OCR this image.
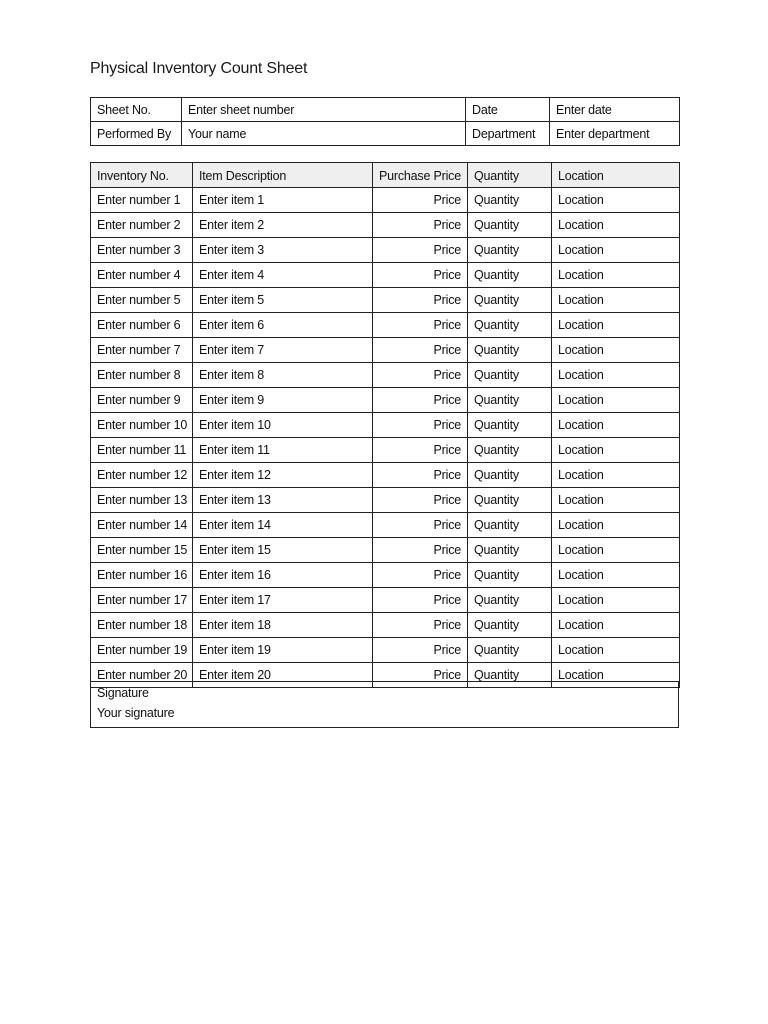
Physical Inventory Count Sheet
Sheet No.	Enter sheet number	Date	Enter date
Performed By	Your name	Department	Enter department
Inventory No.	Item Description	Purchase Price	Quantity	Location
Enter number 1	Enter item 1	Price	Quantity	Location
Enter number 2	Enter item 2	Price	Quantity	Location
Enter number 3	Enter item 3	Price	Quantity	Location
Enter number 4	Enter item 4	Price	Quantity	Location
Enter number 5	Enter item 5	Price	Quantity	Location
Enter number 6	Enter item 6	Price	Quantity	Location
Enter number 7	Enter item 7	Price	Quantity	Location
Enter number 8	Enter item 8	Price	Quantity	Location
Enter number 9	Enter item 9	Price	Quantity	Location
Enter number 10	Enter item 10	Price	Quantity	Location
Enter number 11	Enter item 11	Price	Quantity	Location
Enter number 12	Enter item 12	Price	Quantity	Location
Enter number 13	Enter item 13	Price	Quantity	Location
Enter number 14	Enter item 14	Price	Quantity	Location
Enter number 15	Enter item 15	Price	Quantity	Location
Enter number 16	Enter item 16	Price	Quantity	Location
Enter number 17	Enter item 17	Price	Quantity	Location
Enter number 18	Enter item 18	Price	Quantity	Location
Enter number 19	Enter item 19	Price	Quantity	Location
Enter number 20	Enter item 20	Price	Quantity	Location
Signature
Your signature
